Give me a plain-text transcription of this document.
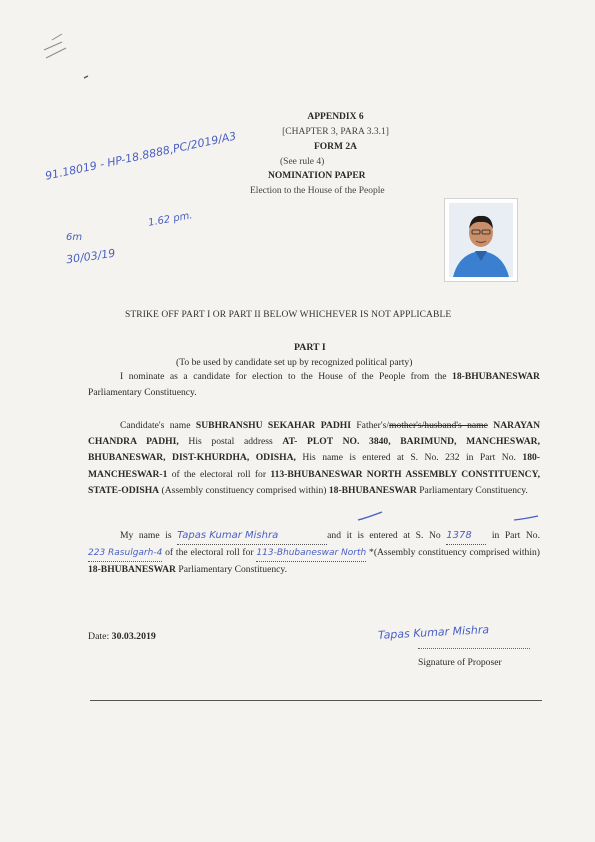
APPENDIX 6
[CHAPTER 3, PARA 3.3.1]
FORM 2A
(See rule 4)
NOMINATION PAPER
Election to the House of the People
91.18019 - HP-18.8888,PC/2019/A3
1.62 pm.
6m
30/03/19
STRIKE OFF PART I OR PART II BELOW WHICHEVER IS NOT APPLICABLE
PART I
(To be used by candidate set up by recognized political party)
I nominate as a candidate for election to the House of the People from the 18-BHUBANESWAR Parliamentary Constituency.
Candidate's name SUBHRANSHU SEKAHAR PADHI Father's/mother's/husband's name NARAYAN CHANDRA PADHI, His postal address AT- PLOT NO. 3840, BARIMUND, MANCHESWAR, BHUBANESWAR, DIST-KHURDHA, ODISHA, His name is entered at S. No. 232 in Part No. 180-MANCHESWAR-1 of the electoral roll for 113-BHUBANESWAR NORTH ASSEMBLY CONSTITUENCY, STATE-ODISHA (Assembly constituency comprised within) 18-BHUBANESWAR Parliamentary Constituency.
My name is Tapas Kumar Mishra	and it is entered at S. No 1378 in Part No.223 Rasulgarh-4 of the electoral roll for 113-Bhubaneswar North *(Assembly constituency comprised within) 18-BHUBANESWAR Parliamentary Constituency.
Date: 30.03.2019	Tapas Kumar Mishra
Signature of Proposer
